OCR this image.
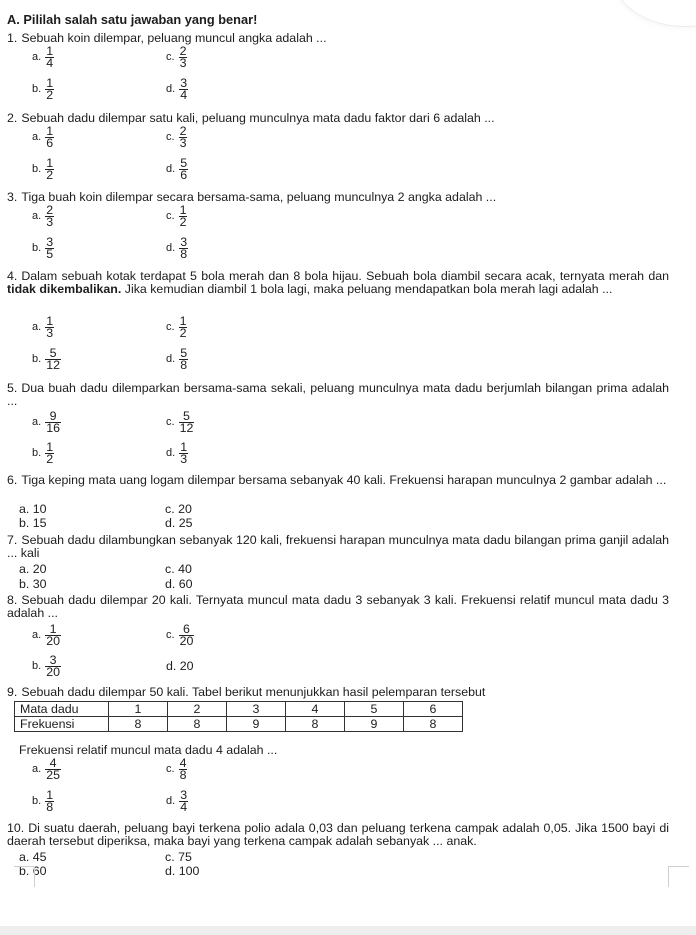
A. Pililah salah satu jawaban yang benar!
1. Sebuah koin dilempar, peluang muncul angka adalah ...
a. $\frac{1}{4}$	c. $\frac{2}{3}$
b. $\frac{1}{2}$	d. $\frac{3}{4}$
2. Sebuah dadu dilempar satu kali, peluang munculnya mata dadu faktor dari 6 adalah ...
a. $\frac{1}{6}$	c. $\frac{2}{3}$
b. $\frac{1}{2}$	d. $\frac{5}{6}$
3. Tiga buah koin dilempar secara bersama-sama, peluang munculnya 2 angka adalah ...
a. $\frac{2}{3}$	c. $\frac{1}{2}$
b. $\frac{3}{5}$	d. $\frac{3}{8}$
4. Dalam sebuah kotak terdapat 5 bola merah dan 8 bola hijau. Sebuah bola diambil secara acak, ternyata merah dan tidak dikembalikan. Jika kemudian diambil 1 bola lagi, maka peluang mendapatkan bola merah lagi adalah ...
a. $\frac{1}{3}$	c. $\frac{1}{2}$
b. $\frac{5}{12}$	d. $\frac{5}{8}$
5. Dua buah dadu dilemparkan bersama-sama sekali, peluang munculnya mata dadu berjumlah bilangan prima adalah ...
a. $\frac{9}{16}$	c. $\frac{5}{12}$
b. $\frac{1}{2}$	d. $\frac{1}{3}$
6. Tiga keping mata uang logam dilempar bersama sebanyak 40 kali. Frekuensi harapan munculnya 2 gambar adalah ...
a. 10	c. 20
b. 15	d. 25
7. Sebuah dadu dilambungkan sebanyak 120 kali, frekuensi harapan munculnya mata dadu bilangan prima ganjil adalah ... kali
a. 20	c. 40
b. 30	d. 60
8. Sebuah dadu dilempar 20 kali. Ternyata muncul mata dadu 3 sebanyak 3 kali. Frekuensi relatif muncul mata dadu 3 adalah ...
a. $\frac{1}{20}$	c. $\frac{6}{20}$
b. $\frac{3}{20}$	d. 20
9. Sebuah dadu dilempar 50 kali. Tabel berikut menunjukkan hasil pelemparan tersebut
Mata dadu	1	2	3	4	5	6
Frekuensi	8	8	9	8	9	8
Frekuensi relatif muncul mata dadu 4 adalah ...
a. $\frac{4}{25}$	c. $\frac{4}{8}$
b. $\frac{1}{8}$	d. $\frac{3}{4}$
10. Di suatu daerah, peluang bayi terkena polio adala 0,03 dan peluang terkena campak adalah 0,05. Jika 1500 bayi di daerah tersebut diperiksa, maka bayi yang terkena campak adalah sebanyak ... anak.
a. 45	c. 75
b. 60	d. 100
